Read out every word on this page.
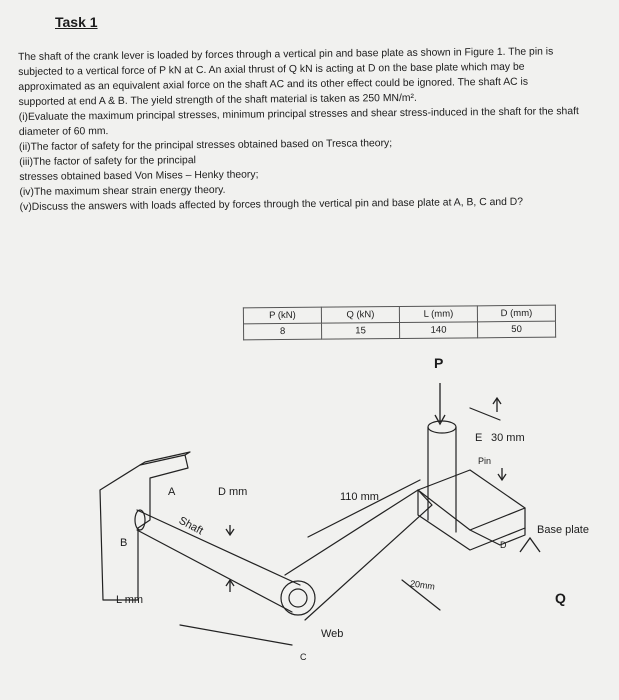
Task 1

The shaft of the crank lever is loaded by forces through a vertical pin and base plate as shown in Figure 1. The pin is

subjected to a vertical force of P kN at C. An axial thrust of Q kN is acting at D on the base plate which may be

approximated as an equivalent axial force on the shaft AC and its other effect could be ignored. The shaft AC is

supported at end A & B. The yield strength of the shaft material is taken as 250 MN/m².

(i)Evaluate the maximum principal stresses, minimum principal stresses and shear stress-induced in the shaft for the shaft diameter of 60 mm.

(ii)The factor of safety for the principal stresses obtained based on Tresca theory;

(iii)The factor of safety for the principal

stresses obtained based Von Mises – Henky theory;

(iv)The maximum shear strain energy theory.

(v)Discuss the answers with loads affected by forces through the vertical pin and base plate at A, B, C and D?

P (kN)	Q (kN)	L (mm)	D (mm)
8	15	140	50
P
E 30 mm
Pin
Base plate
Q
A
B	D
D mm
Shaft
110 mm
20mm
L mm
Web
C
